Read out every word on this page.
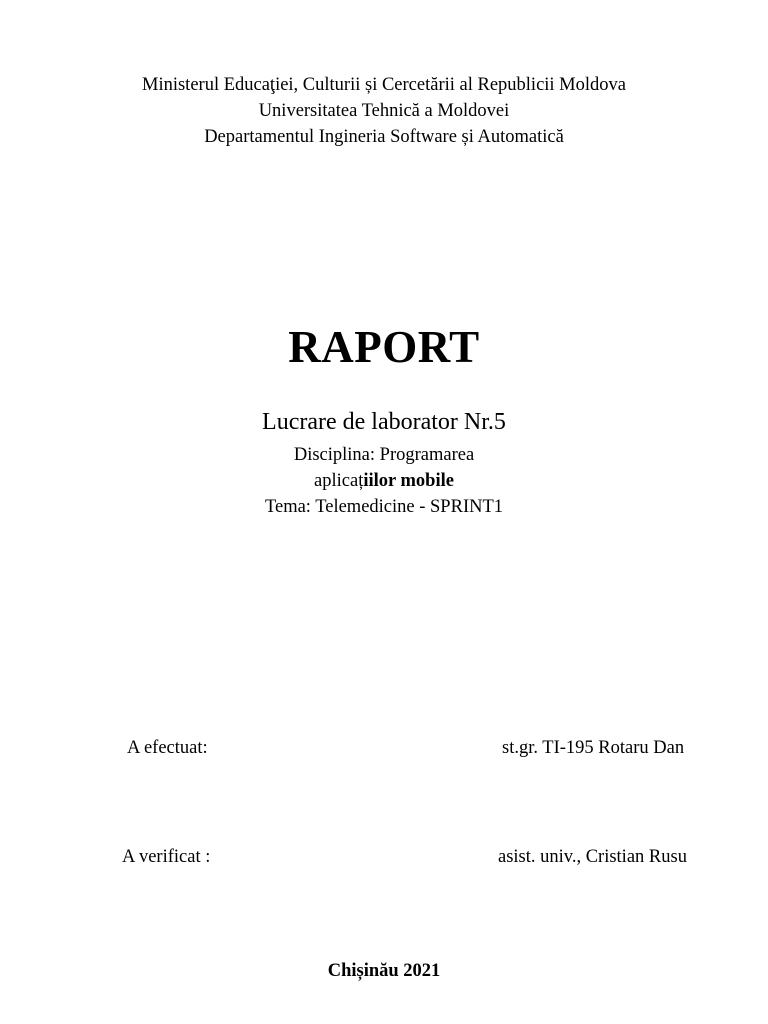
Ministerul Educaţiei, Culturii și Cercetării al Republicii Moldova
Universitatea Tehnică a Moldovei
Departamentul Ingineria Software și Automatică
RAPORT
Lucrare de laborator Nr.5
Disciplina: Programarea
aplicațiilor mobile
Tema: Telemedicine - SPRINT1
A efectuat:	st.gr. TI-195 Rotaru Dan
A verificat :	asist. univ., Cristian Rusu
Chișinău 2021
